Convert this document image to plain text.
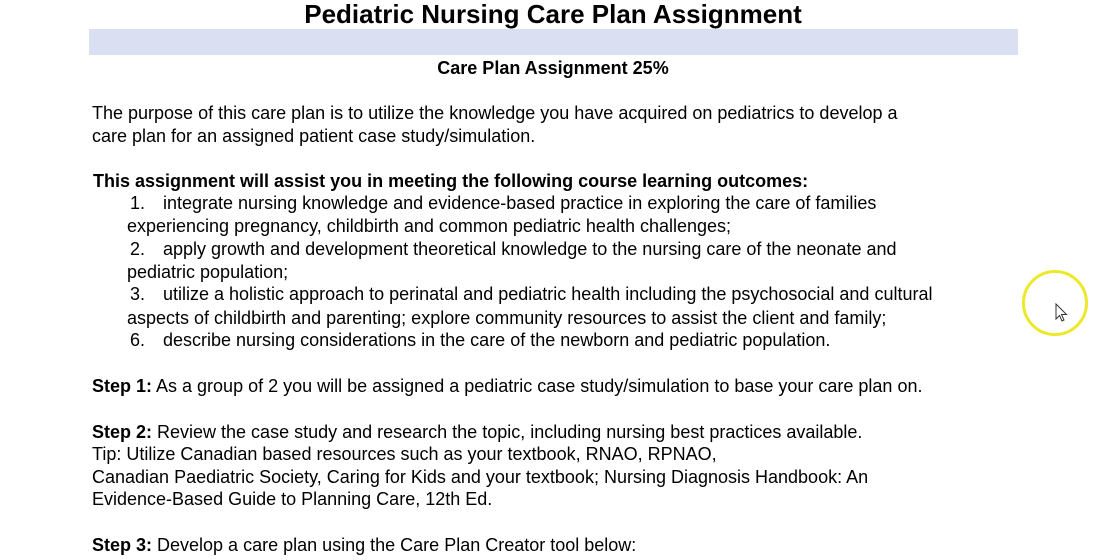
Pediatric Nursing Care Plan Assignment
Care Plan Assignment 25%
The purpose of this care plan is to utilize the knowledge you have acquired on pediatrics to develop a
care plan for an assigned patient case study/simulation.
This assignment will assist you in meeting the following course learning outcomes:
1. integrate nursing knowledge and evidence-based practice in exploring the care of families
experiencing pregnancy, childbirth and common pediatric health challenges;
2. apply growth and development theoretical knowledge to the nursing care of the neonate and
pediatric population;
3. utilize a holistic approach to perinatal and pediatric health including the psychosocial and cultural
aspects of childbirth and parenting; explore community resources to assist the client and family;
6. describe nursing considerations in the care of the newborn and pediatric population.
Step 1: As a group of 2 you will be assigned a pediatric case study/simulation to base your care plan on.
Step 2: Review the case study and research the topic, including nursing best practices available.
Tip: Utilize Canadian based resources such as your textbook, RNAO, RPNAO,
Canadian Paediatric Society, Caring for Kids and your textbook; Nursing Diagnosis Handbook: An
Evidence-Based Guide to Planning Care, 12th Ed.
Step 3: Develop a care plan using the Care Plan Creator tool below:
